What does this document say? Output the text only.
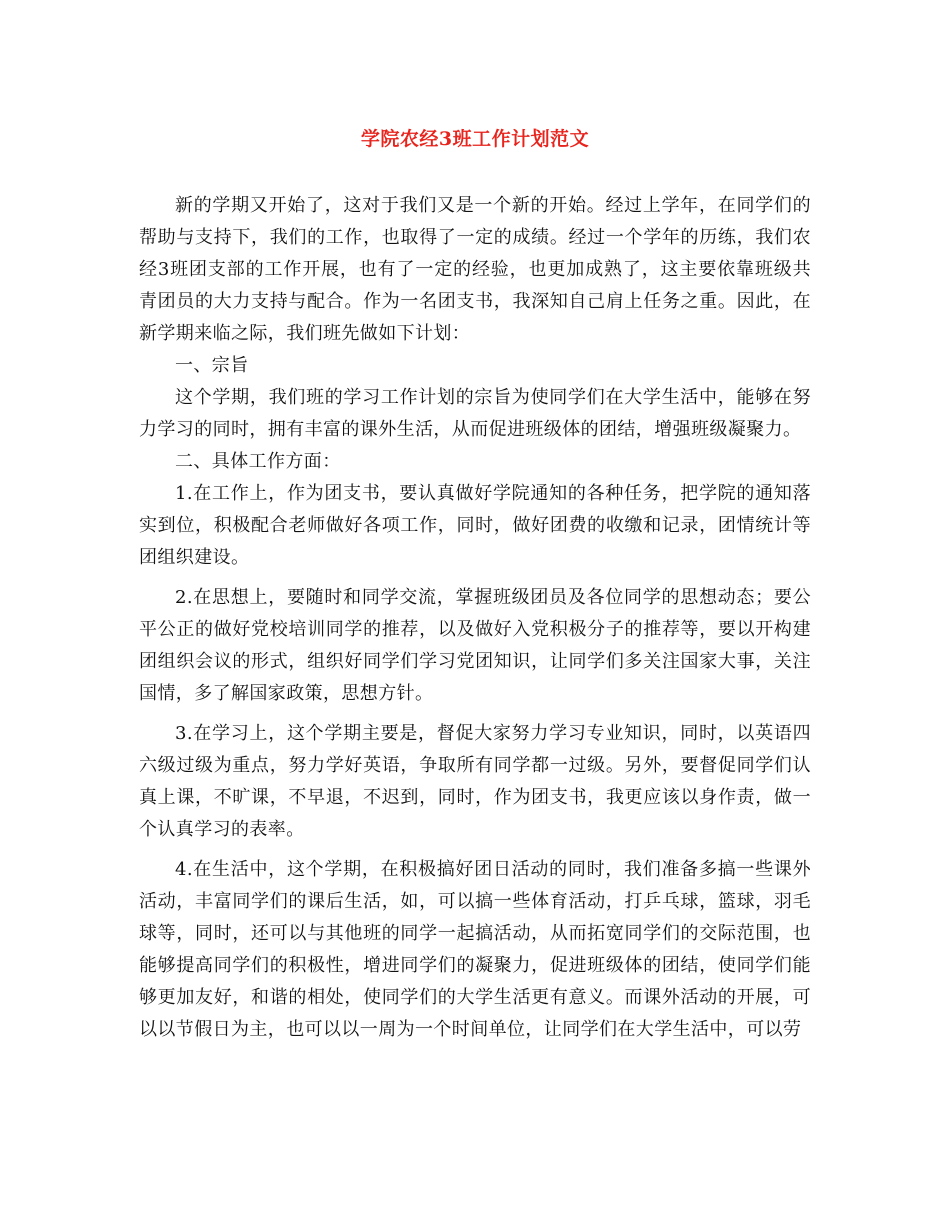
学院农经3班工作计划范文

新的学期又开始了，这对于我们又是一个新的开始。经过上学年，在同学们的帮助与支持下，我们的工作，也取得了一定的成绩。经过一个学年的历练，我们农经3班团支部的工作开展，也有了一定的经验，也更加成熟了，这主要依靠班级共青团员的大力支持与配合。作为一名团支书，我深知自己肩上任务之重。因此，在新学期来临之际，我们班先做如下计划：

一、宗旨

这个学期，我们班的学习工作计划的宗旨为使同学们在大学生活中，能够在努力学习的同时，拥有丰富的课外生活，从而促进班级体的团结，增强班级凝聚力。

二、具体工作方面：

1.在工作上，作为团支书，要认真做好学院通知的各种任务，把学院的通知落实到位，积极配合老师做好各项工作，同时，做好团费的收缴和记录，团情统计等团组织建设。

2.在思想上，要随时和同学交流，掌握班级团员及各位同学的思想动态；要公平公正的做好党校培训同学的推荐，以及做好入党积极分子的推荐等，要以开构建团组织会议的形式，组织好同学们学习党团知识，让同学们多关注国家大事，关注国情，多了解国家政策，思想方针。

3.在学习上，这个学期主要是，督促大家努力学习专业知识，同时，以英语四六级过级为重点，努力学好英语，争取所有同学都一过级。另外，要督促同学们认真上课，不旷课，不早退，不迟到，同时，作为团支书，我更应该以身作责，做一个认真学习的表率。

4.在生活中，这个学期，在积极搞好团日活动的同时，我们准备多搞一些课外活动，丰富同学们的课后生活，如，可以搞一些体育活动，打乒乓球，篮球，羽毛球等，同时，还可以与其他班的同学一起搞活动，从而拓宽同学们的交际范围，也能够提高同学们的积极性，增进同学们的凝聚力，促进班级体的团结，使同学们能够更加友好，和谐的相处，使同学们的大学生活更有意义。而课外活动的开展，可以以节假日为主，也可以以一周为一个时间单位，让同学们在大学生活中，可以劳
